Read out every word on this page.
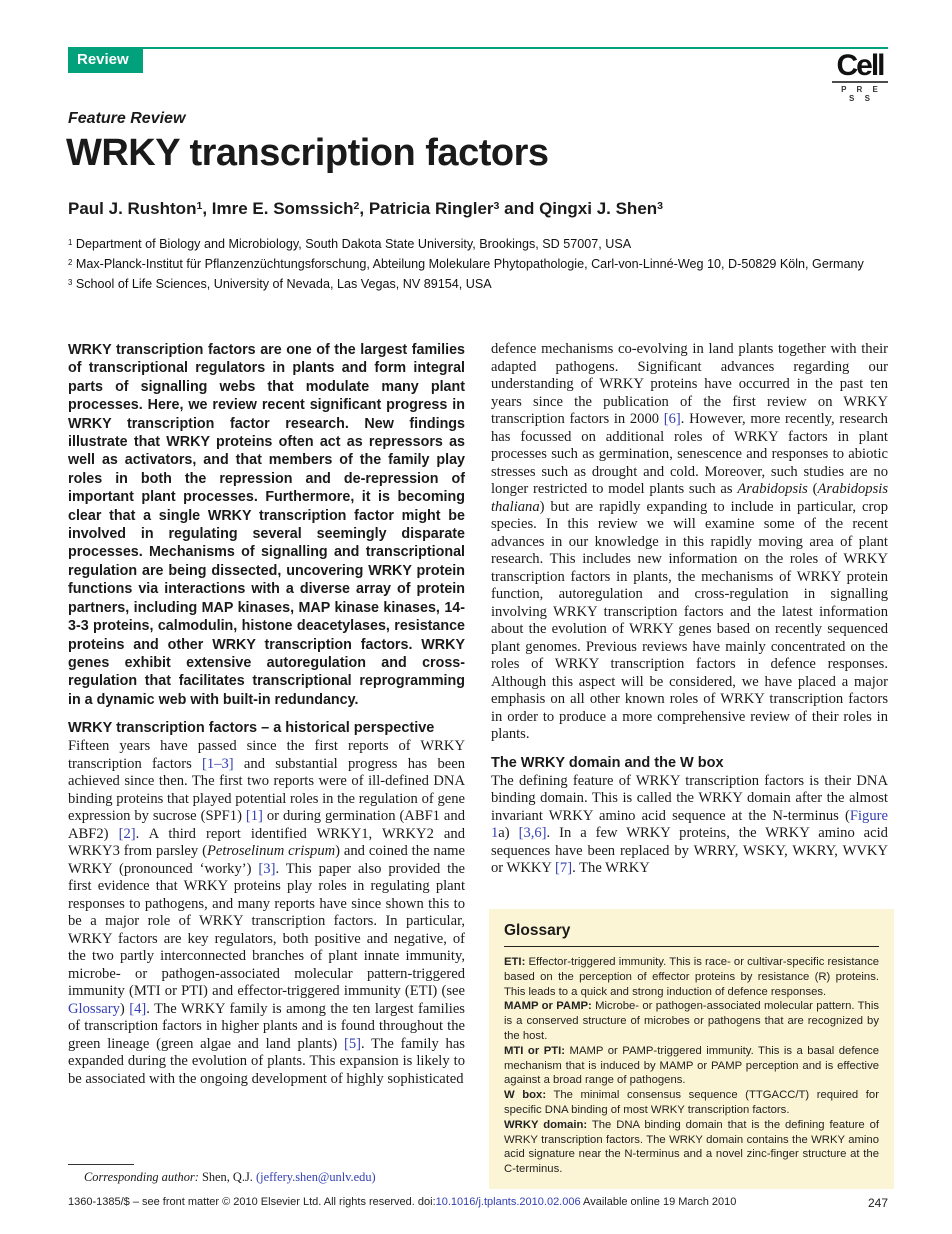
Review	Cell
P R E S S
Feature Review
WRKY transcription factors
Paul J. Rushton$^1$, Imre E. Somssich$^2$, Patricia Ringler$^3$ and Qingxi J. Shen$^3$
$^1$ Department of Biology and Microbiology, South Dakota State University, Brookings, SD 57007, USA
$^2$ Max-Planck-Institut für Pflanzenzüchtungsforschung, Abteilung Molekulare Phytopathologie, Carl-von-Linné-Weg 10, D-50829 Köln, Germany
$^3$ School of Life Sciences, University of Nevada, Las Vegas, NV 89154, USA

WRKY transcription factors are one of the largest families of transcriptional regulators in plants and form integral parts of signalling webs that modulate many plant processes. Here, we review recent significant progress in WRKY transcription factor research. New findings illustrate that WRKY proteins often act as repressors as well as activators, and that members of the family play roles in both the repression and de-repression of important plant processes. Furthermore, it is becoming clear that a single WRKY transcription factor might be involved in regulating several seemingly disparate processes. Mechanisms of signalling and transcriptional regulation are being dissected, uncovering WRKY protein functions via interactions with a diverse array of protein partners, including MAP kinases, MAP kinase kinases, 14-3-3 proteins, calmodulin, histone deacetylases, resistance proteins and other WRKY transcription factors. WRKY genes exhibit extensive autoregulation and cross-regulation that facilitates transcriptional reprogramming in a dynamic web with built-in redundancy.

WRKY transcription factors – a historical perspective

Fifteen years have passed since the first reports of WRKY transcription factors [1–3] and substantial progress has been achieved since then. The first two reports were of ill-defined DNA binding proteins that played potential roles in the regulation of gene expression by sucrose (SPF1) [1] or during germination (ABF1 and ABF2) [2]. A third report identified WRKY1, WRKY2 and WRKY3 from parsley (Petroselinum crispum) and coined the name WRKY (pronounced ‘worky’) [3]. This paper also provided the first evidence that WRKY proteins play roles in regulating plant responses to pathogens, and many reports have since shown this to be a major role of WRKY transcription factors. In particular, WRKY factors are key regulators, both positive and negative, of the two partly interconnected branches of plant innate immunity, microbe- or pathogen-associated molecular pattern-triggered immunity (MTI or PTI) and effector-triggered immunity (ETI) (see Glossary) [4]. The WRKY family is among the ten largest families of transcription factors in higher plants and is found throughout the green lineage (green algae and land plants) [5]. The family has expanded during the evolution of plants. This expansion is likely to be associated with the ongoing development of highly sophisticated

Corresponding author: Shen, Q.J. (jeffery.shen@unlv.edu)

defence mechanisms co-evolving in land plants together with their adapted pathogens. Significant advances regarding our understanding of WRKY proteins have occurred in the past ten years since the publication of the first review on WRKY transcription factors in 2000 [6]. However, more recently, research has focussed on additional roles of WRKY factors in plant processes such as germination, senescence and responses to abiotic stresses such as drought and cold. Moreover, such studies are no longer restricted to model plants such as Arabidopsis (Arabidopsis thaliana) but are rapidly expanding to include in particular, crop species. In this review we will examine some of the recent advances in our knowledge in this rapidly moving area of plant research. This includes new information on the roles of WRKY transcription factors in plants, the mechanisms of WRKY protein function, autoregulation and cross-regulation in signalling involving WRKY transcription factors and the latest information about the evolution of WRKY genes based on recently sequenced plant genomes. Previous reviews have mainly concentrated on the roles of WRKY transcription factors in defence responses. Although this aspect will be considered, we have placed a major emphasis on all other known roles of WRKY transcription factors in order to produce a more comprehensive review of their roles in plants.

The WRKY domain and the W box

The defining feature of WRKY transcription factors is their DNA binding domain. This is called the WRKY domain after the almost invariant WRKY amino acid sequence at the N-terminus (Figure 1a) [3,6]. In a few WRKY proteins, the WRKY amino acid sequences have been replaced by WRRY, WSKY, WKRY, WVKY or WKKY [7]. The WRKY

Glossary

ETI: Effector-triggered immunity. This is race- or cultivar-specific resistance based on the perception of effector proteins by resistance (R) proteins. This leads to a quick and strong induction of defence responses.

MAMP or PAMP: Microbe- or pathogen-associated molecular pattern. This is a conserved structure of microbes or pathogens that are recognized by the host.

MTI or PTI: MAMP or PAMP-triggered immunity. This is a basal defence mechanism that is induced by MAMP or PAMP perception and is effective against a broad range of pathogens.

W box: The minimal consensus sequence (TTGACC/T) required for specific DNA binding of most WRKY transcription factors.

WRKY domain: The DNA binding domain that is the defining feature of WRKY transcription factors. The WRKY domain contains the WRKY amino acid signature near the N-terminus and a novel zinc-finger structure at the C-terminus.

1360-1385/$ – see front matter © 2010 Elsevier Ltd. All rights reserved. doi:10.1016/j.tplants.2010.02.006 Available online 19 March 2010	247
